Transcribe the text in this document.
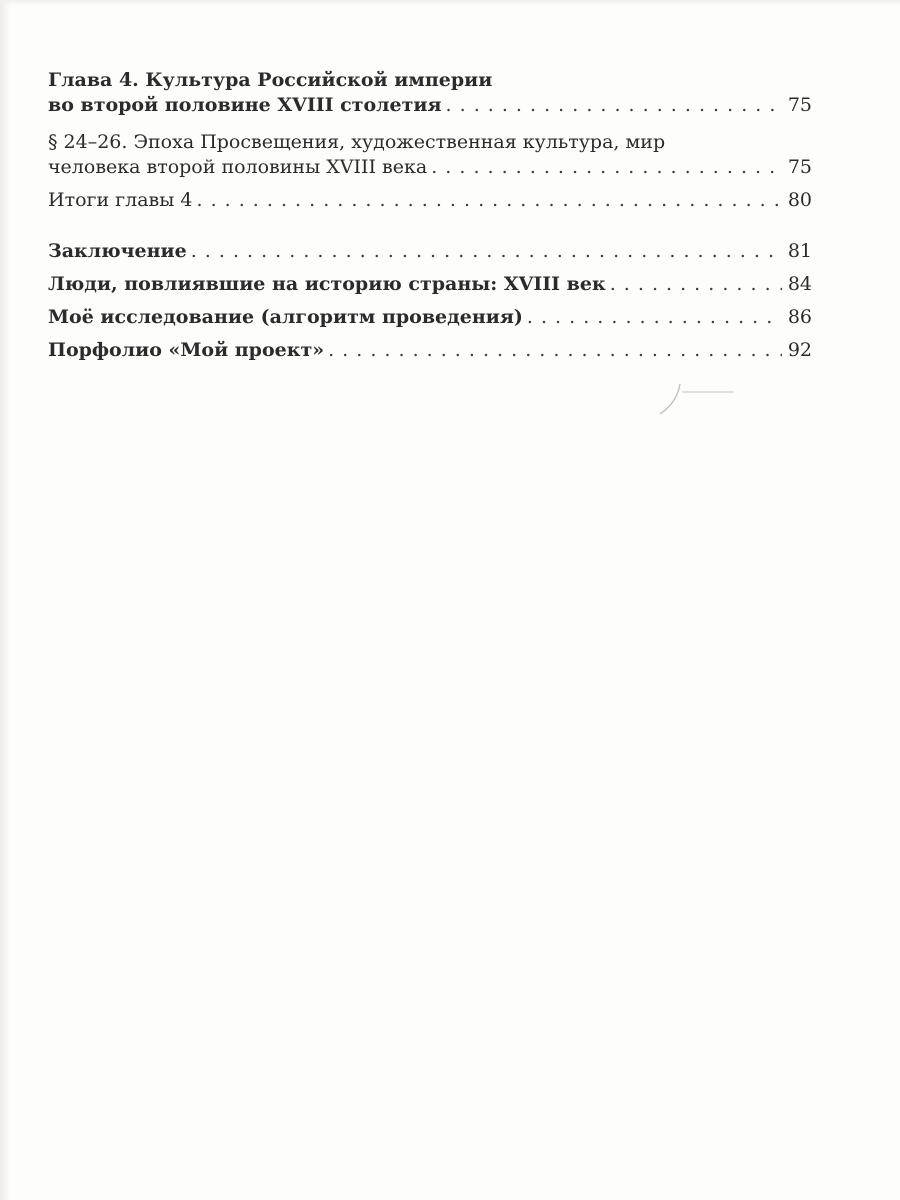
Глава 4. Культура Российской империи
во второй половине XVIII столетия . . .	75
§ 24–26. Эпоха Просвещения, художественная культура, мир
человека второй половины XVIII века . . .	75
Итоги главы 4 . . .	80
Заключение . . .	81
Люди, повлиявшие на историю страны: XVIII век . . .	84
Моё исследование (алгоритм проведения) . . .	86
Порфолио «Мой проект» . . .	92
